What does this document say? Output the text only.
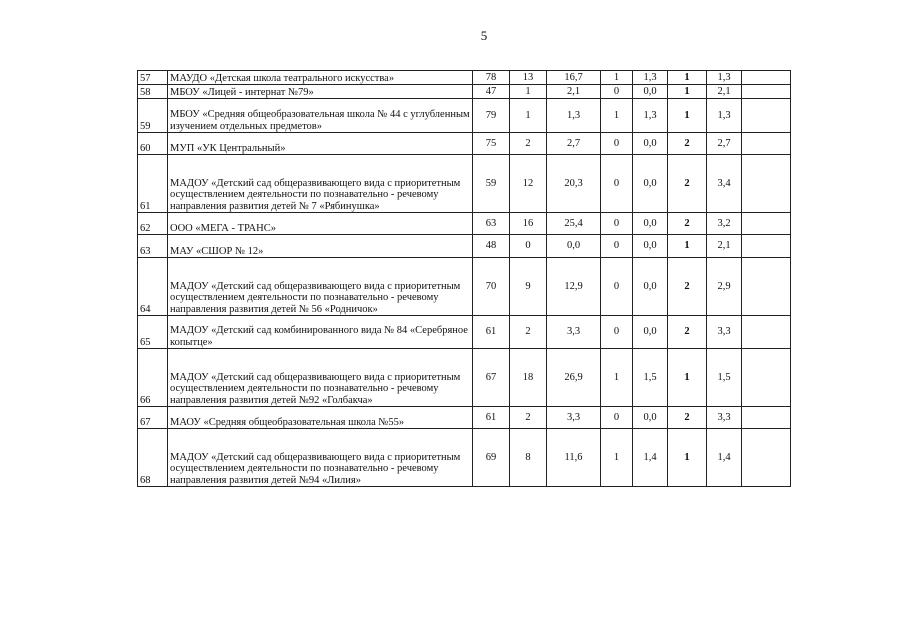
5
57	МАУДО «Детская школа театрального искусства»	78	13	16,7	1	1,3	1	1,3	
58	МБОУ «Лицей - интернат №79»	47	1	2,1	0	0,0	1	2,1	
59	МБОУ «Средняя общеобразовательная школа № 44 с углубленным изучением отдельных предметов»	79	1	1,3	1	1,3	1	1,3	
60	МУП «УК Центральный»	75	2	2,7	0	0,0	2	2,7	
61	МАДОУ «Детский сад общеразвивающего вида с приоритетным осуществлением деятельности по познавательно - речевому направления развития детей № 7 «Рябинушка»	59	12	20,3	0	0,0	2	3,4	
62	ООО «МЕГА - ТРАНС»	63	16	25,4	0	0,0	2	3,2	
63	МАУ «СШОР № 12»	48	0	0,0	0	0,0	1	2,1	
64	МАДОУ «Детский сад общеразвивающего вида с приоритетным осуществлением деятельности по познавательно - речевому направления развития детей № 56 «Родничок»	70	9	12,9	0	0,0	2	2,9	
65	МАДОУ «Детский сад комбинированного вида № 84 «Серебряное копытце»	61	2	3,3	0	0,0	2	3,3	
66	МАДОУ «Детский сад общеразвивающего вида с приоритетным осуществлением деятельности по познавательно - речевому направления развития детей №92 «Голбакча»	67	18	26,9	1	1,5	1	1,5	
67	МАОУ «Средняя общеобразовательная школа №55»	61	2	3,3	0	0,0	2	3,3	
68	МАДОУ «Детский сад общеразвивающего вида с приоритетным осуществлением деятельности по познавательно - речевому направления развития детей №94 «Лилия»	69	8	11,6	1	1,4	1	1,4	
